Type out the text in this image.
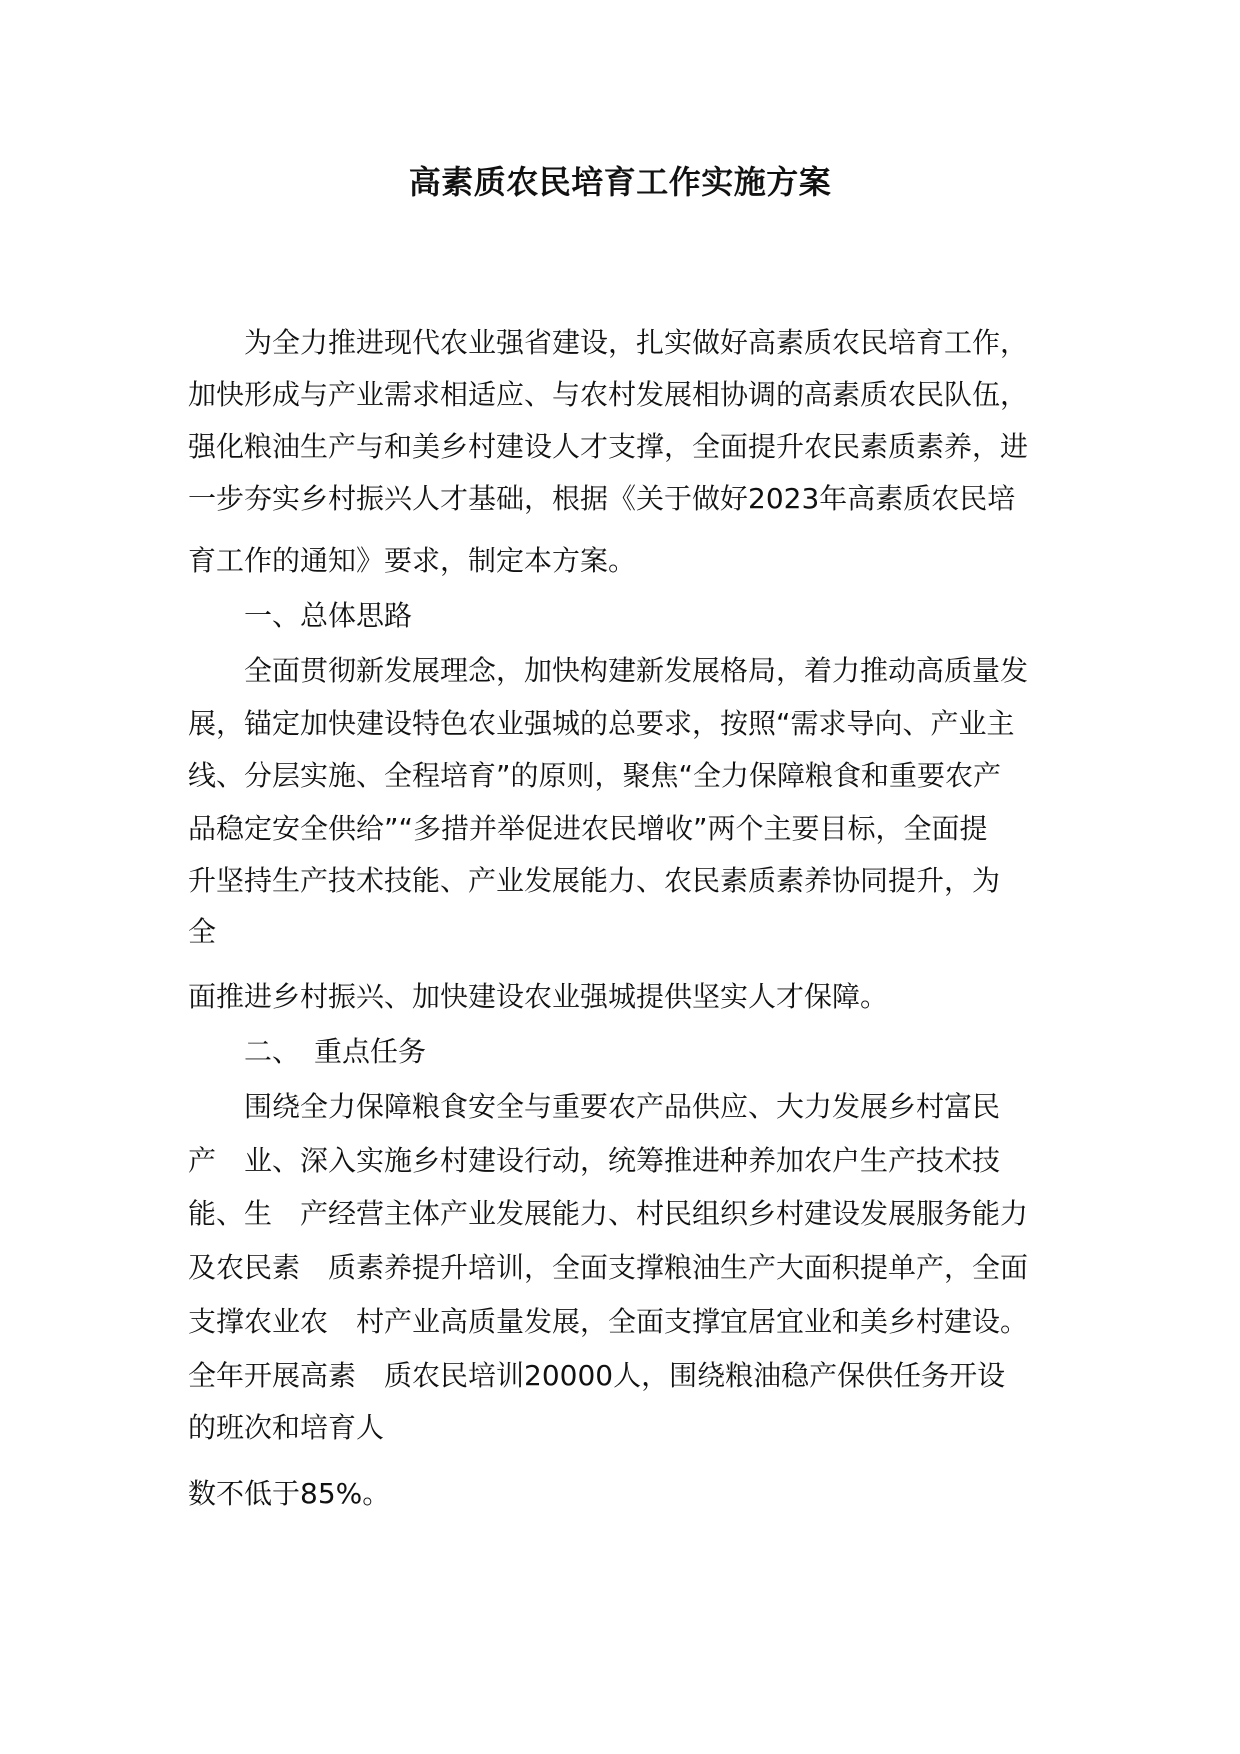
高素质农民培育工作实施方案

　　为全力推进现代农业强省建设，扎实做好高素质农民培育工作，

加快形成与产业需求相适应、与农村发展相协调的高素质农民队伍，

强化粮油生产与和美乡村建设人才支撑，全面提升农民素质素养，进

一步夯实乡村振兴人才基础，根据《关于做好2023年高素质农民培

育工作的通知》要求，制定本方案。

　　一、总体思路

　　全面贯彻新发展理念，加快构建新发展格局，着力推动高质量发

展，锚定加快建设特色农业强城的总要求，按照“需求导向、产业主

线、分层实施、全程培育”的原则，聚焦“全力保障粮食和重要农产

品稳定安全供给”“多措并举促进农民增收”两个主要目标，全面提

升坚持生产技术技能、产业发展能力、农民素质素养协同提升，为

全

面推进乡村振兴、加快建设农业强城提供坚实人才保障。

　　二、　重点任务

　　围绕全力保障粮食安全与重要农产品供应、大力发展乡村富民

产　业、深入实施乡村建设行动，统筹推进种养加农户生产技术技

能、生　产经营主体产业发展能力、村民组织乡村建设发展服务能力

及农民素　质素养提升培训，全面支撑粮油生产大面积提单产，全面

支撑农业农　村产业高质量发展，全面支撑宜居宜业和美乡村建设。

全年开展高素　质农民培训20000人，围绕粮油稳产保供任务开设

的班次和培育人

数不低于85%。
